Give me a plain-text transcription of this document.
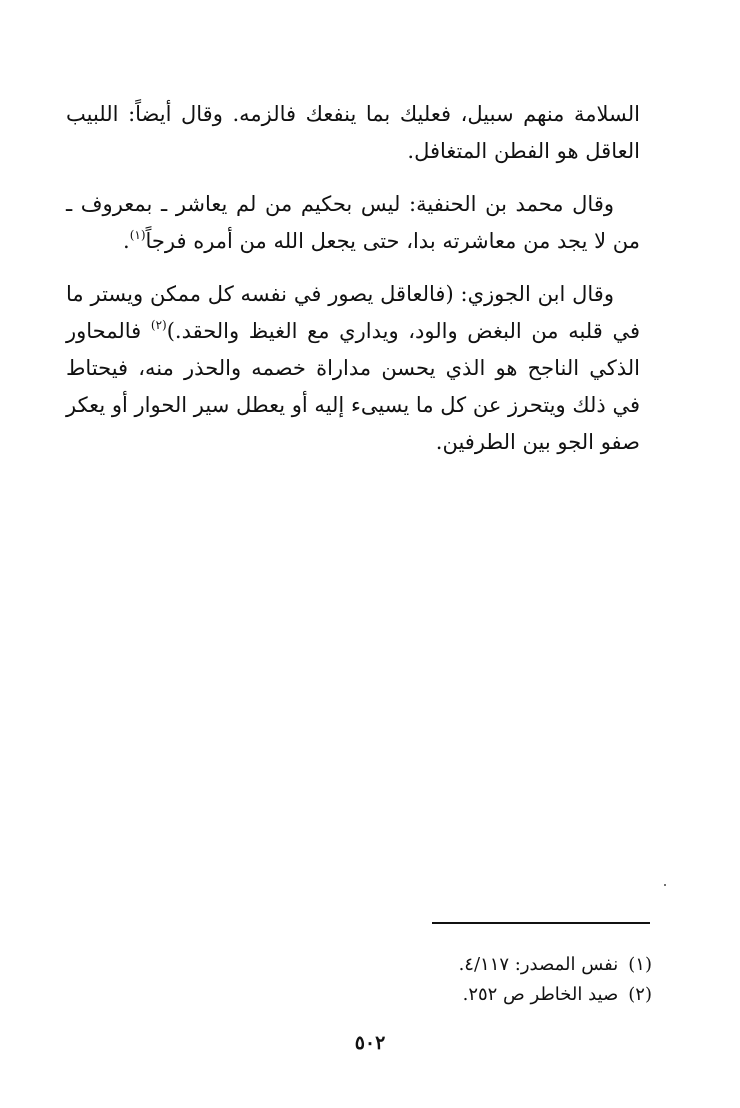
السلامة منهم سبيل، فعليك بما ينفعك فالزمه. وقال أيضاً: اللبيب العاقل هو الفطن المتغافل.

وقال محمد بن الحنفية: ليس بحكيم من لم يعاشر ـ بمعروف ـ من لا يجد من معاشرته بدا، حتى يجعل الله من أمره فرجاً$^{(١)}$.

وقال ابن الجوزي: (فالعاقل يصور في نفسه كل ممكن ويستر ما في قلبه من البغض والود، ويداري مع الغيظ والحقد.)$^{(٢)}$ فالمحاور الذكي الناجح هو الذي يحسن مداراة خصمه والحذر منه، فيحتاط في ذلك ويتحرز عن كل ما يسيىء إليه أو يعطل سير الحوار أو يعكر صفو الجو بين الطرفين.

(١) نفس المصدر: ٤/١١٧.

(٢) صيد الخاطر ص ٢٥٢.

٥٠٢
